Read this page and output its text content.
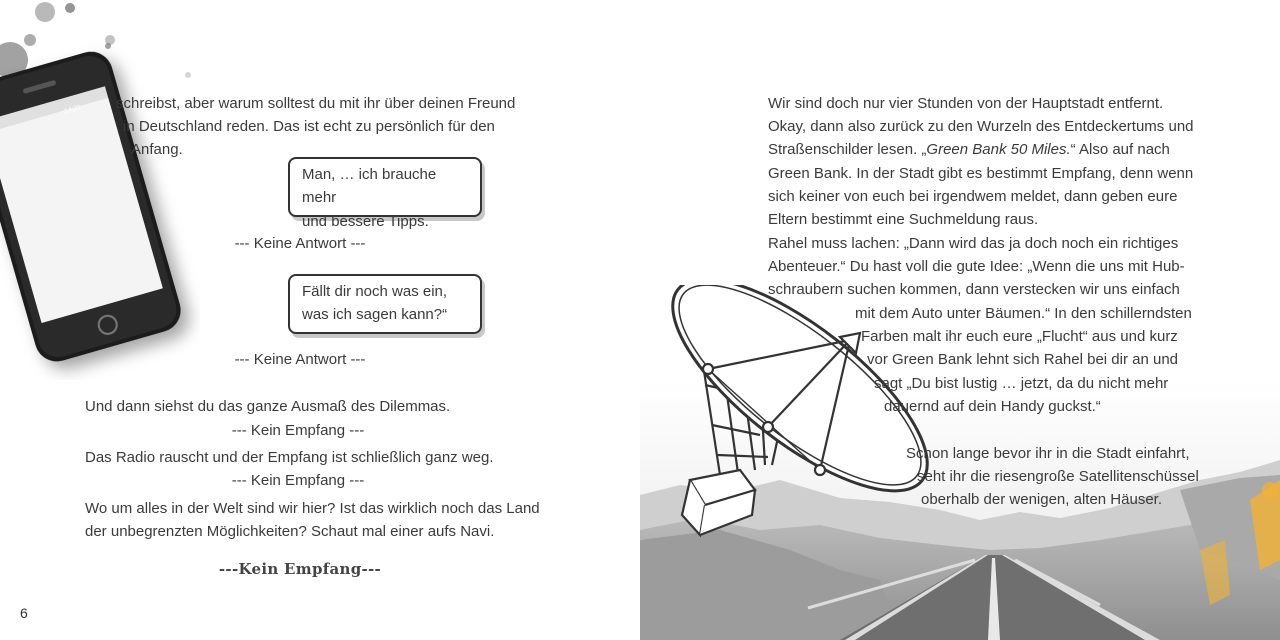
14:21 schreibst, aber warum solltest du mit ihr über deinen Freund
in Deutschland reden. Das ist echt zu persönlich für den
Anfang.
Man, … ich brauche mehr
und bessere Tipps.
--- Keine Antwort ---
Fällt dir noch was ein,
was ich sagen kann?“
--- Keine Antwort ---
Und dann siehst du das ganze Ausmaß des Dilemmas.
--- Kein Empfang ---
Das Radio rauscht und der Empfang ist schließlich ganz weg.
--- Kein Empfang ---
Wo um alles in der Welt sind wir hier? Ist das wirklich noch das Land
der unbegrenzten Möglichkeiten? Schaut mal einer aufs Navi.
---Kein Empfang---
6
Wir sind doch nur vier Stunden von der Hauptstadt entfernt.
Okay, dann also zurück zu den Wurzeln des Entdeckertums und
Straßenschilder lesen. „Green Bank 50 Miles.“ Also auf nach
Green Bank. In der Stadt gibt es bestimmt Empfang, denn wenn
sich keiner von euch bei irgendwem meldet, dann geben eure
Eltern bestimmt eine Suchmeldung raus.
Rahel muss lachen: „Dann wird das ja doch noch ein richtiges
Abenteuer.“ Du hast voll die gute Idee: „Wenn die uns mit Hub-
schraubern suchen kommen, dann verstecken wir uns einfach
mit dem Auto unter Bäumen.“ In den schillerndsten
Farben malt ihr euch eure „Flucht“ aus und kurz
vor Green Bank lehnt sich Rahel bei dir an und
sagt „Du bist lustig … jetzt, da du nicht mehr
dauernd auf dein Handy guckst.“
Schon lange bevor ihr in die Stadt einfahrt,
seht ihr die riesengroße Satellitenschüssel
oberhalb der wenigen, alten Häuser.
